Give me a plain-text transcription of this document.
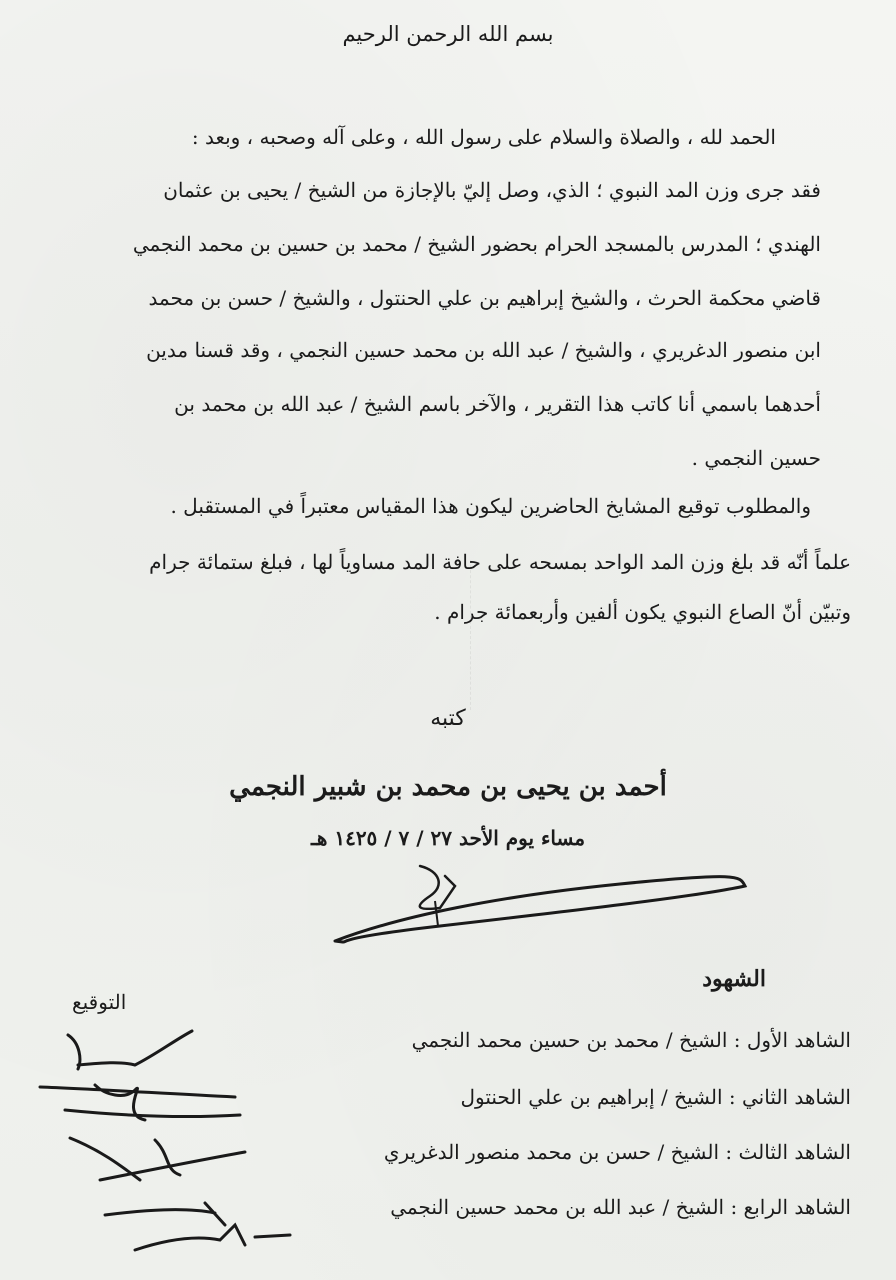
بسم الله الرحمن الرحيم
الحمد لله ، والصلاة والسلام على رسول الله ، وعلى آله وصحبه ، وبعد :
فقد جرى وزن المد النبوي ؛ الذي، وصل إليّ بالإجازة من الشيخ / يحيى بن عثمان
الهندي ؛ المدرس بالمسجد الحرام بحضور الشيخ / محمد بن حسين بن محمد النجمي
قاضي محكمة الحرث ، والشيخ إبراهيم بن علي الحنتول ، والشيخ / حسن بن محمد
ابن منصور الدغريري ، والشيخ / عبد الله بن محمد حسين النجمي ، وقد قسنا مدين
أحدهما باسمي أنا كاتب هذا التقرير ، والآخر باسم الشيخ / عبد الله بن محمد بن
حسين النجمي .
والمطلوب توقيع المشايخ الحاضرين ليكون هذا المقياس معتبراً في المستقبل .
علماً أنّه قد بلغ وزن المد الواحد بمسحه على حافة المد مساوياً لها ، فبلغ ستمائة جرام
وتبيّن أنّ الصاع النبوي يكون ألفين وأربعمائة جرام .
كتبه
أحمد بن يحيى بن محمد بن شبير النجمي
مساء يوم الأحد ٢٧ / ٧ / ١٤٢٥ هـ
الشهود
التوقيع
الشاهد الأول : الشيخ / محمد بن حسين محمد النجمي
الشاهد الثاني : الشيخ / إبراهيم بن علي الحنتول
الشاهد الثالث : الشيخ / حسن بن محمد منصور الدغريري
الشاهد الرابع : الشيخ / عبد الله بن محمد حسين النجمي
